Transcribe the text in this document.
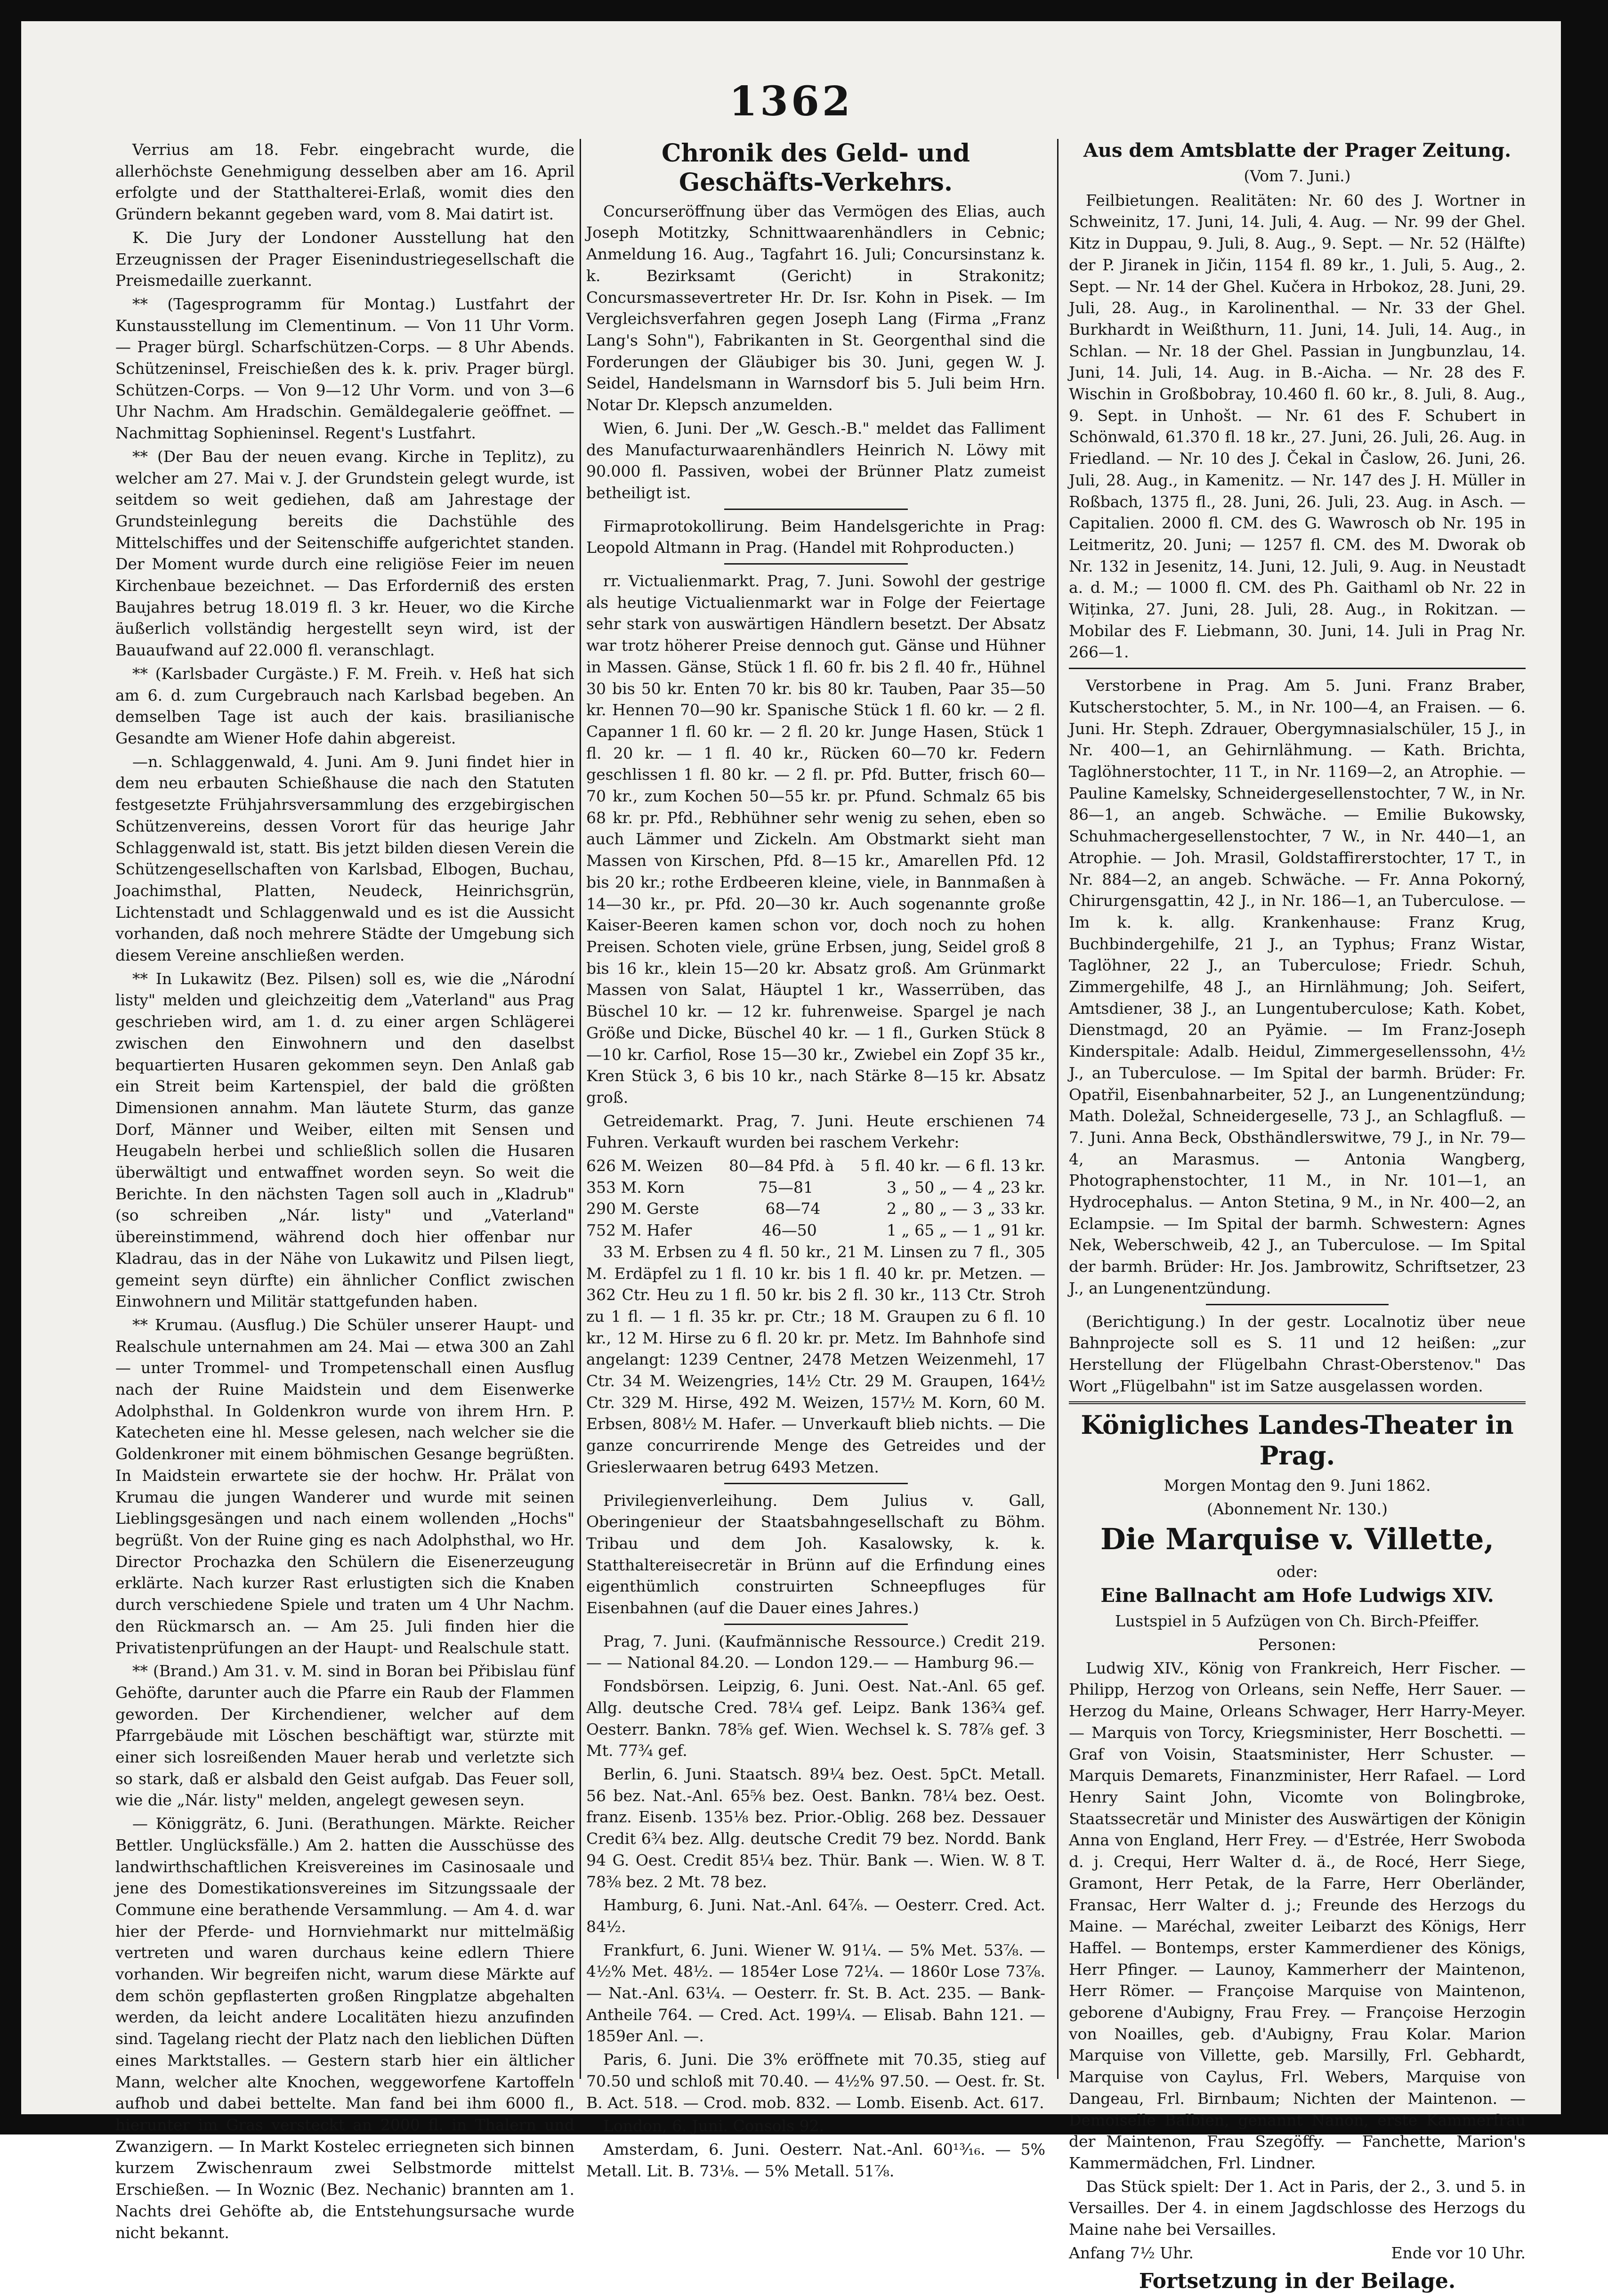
1362

Verrius am 18. Febr. eingebracht wurde, die allerhöchste Genehmigung desselben aber am 16. April erfolgte und der Statthalterei-Erlaß, womit dies den Gründern bekannt gegeben ward, vom 8. Mai datirt ist.

K. Die Jury der Londoner Ausstellung hat den Erzeugnissen der Prager Eisenindustriegesellschaft die Preismedaille zuerkannt.

** (Tagesprogramm für Montag.) Lustfahrt der Kunstausstellung im Clementinum. — Von 11 Uhr Vorm. — Prager bürgl. Scharfschützen-Corps. — 8 Uhr Abends. Schützeninsel, Freischießen des k. k. priv. Prager bürgl. Schützen-Corps. — Von 9—12 Uhr Vorm. und von 3—6 Uhr Nachm. Am Hradschin. Gemäldegalerie geöffnet. — Nachmittag Sophieninsel. Regent's Lustfahrt.

** (Der Bau der neuen evang. Kirche in Teplitz), zu welcher am 27. Mai v. J. der Grundstein gelegt wurde, ist seitdem so weit gediehen, daß am Jahrestage der Grundsteinlegung bereits die Dachstühle des Mittelschiffes und der Seitenschiffe aufgerichtet standen. Der Moment wurde durch eine religiöse Feier im neuen Kirchenbaue bezeichnet. — Das Erforderniß des ersten Baujahres betrug 18.019 fl. 3 kr. Heuer, wo die Kirche äußerlich vollständig hergestellt seyn wird, ist der Bauaufwand auf 22.000 fl. veranschlagt.

** (Karlsbader Curgäste.) F. M. Freih. v. Heß hat sich am 6. d. zum Curgebrauch nach Karlsbad begeben. An demselben Tage ist auch der kais. brasilianische Gesandte am Wiener Hofe dahin abgereist.

—n. Schlaggenwald, 4. Juni. Am 9. Juni findet hier in dem neu erbauten Schießhause die nach den Statuten festgesetzte Frühjahrsversammlung des erzgebirgischen Schützenvereins, dessen Vorort für das heurige Jahr Schlaggenwald ist, statt. Bis jetzt bilden diesen Verein die Schützengesellschaften von Karlsbad, Elbogen, Buchau, Joachimsthal, Platten, Neudeck, Heinrichsgrün, Lichtenstadt und Schlaggenwald und es ist die Aussicht vorhanden, daß noch mehrere Städte der Umgebung sich diesem Vereine anschließen werden.

** In Lukawitz (Bez. Pilsen) soll es, wie die „Národní listy" melden und gleichzeitig dem „Vaterland" aus Prag geschrieben wird, am 1. d. zu einer argen Schlägerei zwischen den Einwohnern und den daselbst bequartierten Husaren gekommen seyn. Den Anlaß gab ein Streit beim Kartenspiel, der bald die größten Dimensionen annahm. Man läutete Sturm, das ganze Dorf, Männer und Weiber, eilten mit Sensen und Heugabeln herbei und schließlich sollen die Husaren überwältigt und entwaffnet worden seyn. So weit die Berichte. In den nächsten Tagen soll auch in „Kladrub" (so schreiben „Nár. listy" und „Vaterland" übereinstimmend, während doch hier offenbar nur Kladrau, das in der Nähe von Lukawitz und Pilsen liegt, gemeint seyn dürfte) ein ähnlicher Conflict zwischen Einwohnern und Militär stattgefunden haben.

** Krumau. (Ausflug.) Die Schüler unserer Haupt- und Realschule unternahmen am 24. Mai — etwa 300 an Zahl — unter Trommel- und Trompetenschall einen Ausflug nach der Ruine Maidstein und dem Eisenwerke Adolphsthal. In Goldenkron wurde von ihrem Hrn. P. Katecheten eine hl. Messe gelesen, nach welcher sie die Goldenkroner mit einem böhmischen Gesange begrüßten. In Maidstein erwartete sie der hochw. Hr. Prälat von Krumau die jungen Wanderer und wurde mit seinen Lieblingsgesängen und nach einem wollenden „Hochs" begrüßt. Von der Ruine ging es nach Adolphsthal, wo Hr. Director Prochazka den Schülern die Eisenerzeugung erklärte. Nach kurzer Rast erlustigten sich die Knaben durch verschiedene Spiele und traten um 4 Uhr Nachm. den Rückmarsch an. — Am 25. Juli finden hier die Privatistenprüfungen an der Haupt- und Realschule statt.

** (Brand.) Am 31. v. M. sind in Boran bei Přibislau fünf Gehöfte, darunter auch die Pfarre ein Raub der Flammen geworden. Der Kirchendiener, welcher auf dem Pfarrgebäude mit Löschen beschäftigt war, stürzte mit einer sich losreißenden Mauer herab und verletzte sich so stark, daß er alsbald den Geist aufgab. Das Feuer soll, wie die „Nár. listy" melden, angelegt gewesen seyn.

— Königgrätz, 6. Juni. (Berathungen. Märkte. Reicher Bettler. Unglücksfälle.) Am 2. hatten die Ausschüsse des landwirthschaftlichen Kreisvereines im Casinosaale und jene des Domestikationsvereines im Sitzungssaale der Commune eine berathende Versammlung. — Am 4. d. war hier der Pferde- und Hornviehmarkt nur mittelmäßig vertreten und waren durchaus keine edlern Thiere vorhanden. Wir begreifen nicht, warum diese Märkte auf dem schön gepflasterten großen Ringplatze abgehalten werden, da leicht andere Localitäten hiezu anzufinden sind. Tagelang riecht der Platz nach den lieblichen Düften eines Marktstalles. — Gestern starb hier ein ältlicher Mann, welcher alte Knochen, weggeworfene Kartoffeln aufhob und dabei bettelte. Man fand bei ihm 6000 fl., hierunter im Gras versteckt an 2000 fl. in Thalern und Zwanzigern. — In Markt Kostelec erriegneten sich binnen kurzem Zwischenraum zwei Selbstmorde mittelst Erschießen. — In Woznic (Bez. Nechanic) brannten am 1. Nachts drei Gehöfte ab, die Entstehungsursache wurde nicht bekannt.

Chronik des Geld- und Geschäfts-Verkehrs.

Concurseröffnung über das Vermögen des Elias, auch Joseph Motitzky, Schnittwaarenhändlers in Cebnic; Anmeldung 16. Aug., Tagfahrt 16. Juli; Concursinstanz k. k. Bezirksamt (Gericht) in Strakonitz; Concursmassevertreter Hr. Dr. Isr. Kohn in Pisek. — Im Vergleichsverfahren gegen Joseph Lang (Firma „Franz Lang's Sohn"), Fabrikanten in St. Georgenthal sind die Forderungen der Gläubiger bis 30. Juni, gegen W. J. Seidel, Handelsmann in Warnsdorf bis 5. Juli beim Hrn. Notar Dr. Klepsch anzumelden.

Wien, 6. Juni. Der „W. Gesch.-B." meldet das Falliment des Manufacturwaarenhändlers Heinrich N. Löwy mit 90.000 fl. Passiven, wobei der Brünner Platz zumeist betheiligt ist.

Firmaprotokollirung. Beim Handelsgerichte in Prag: Leopold Altmann in Prag. (Handel mit Rohproducten.)

rr. Victualienmarkt. Prag, 7. Juni. Sowohl der gestrige als heutige Victualienmarkt war in Folge der Feiertage sehr stark von auswärtigen Händlern besetzt. Der Absatz war trotz höherer Preise dennoch gut. Gänse und Hühner in Massen. Gänse, Stück 1 fl. 60 fr. bis 2 fl. 40 fr., Hühnel 30 bis 50 kr. Enten 70 kr. bis 80 kr. Tauben, Paar 35—50 kr. Hennen 70—90 kr. Spanische Stück 1 fl. 60 kr. — 2 fl. Capanner 1 fl. 60 kr. — 2 fl. 20 kr. Junge Hasen, Stück 1 fl. 20 kr. — 1 fl. 40 kr., Rücken 60—70 kr. Federn geschlissen 1 fl. 80 kr. — 2 fl. pr. Pfd. Butter, frisch 60—70 kr., zum Kochen 50—55 kr. pr. Pfund. Schmalz 65 bis 68 kr. pr. Pfd., Rebhühner sehr wenig zu sehen, eben so auch Lämmer und Zickeln. Am Obstmarkt sieht man Massen von Kirschen, Pfd. 8—15 kr., Amarellen Pfd. 12 bis 20 kr.; rothe Erdbeeren kleine, viele, in Bannmaßen à 14—30 kr., pr. Pfd. 20—30 kr. Auch sogenannte große Kaiser-Beeren kamen schon vor, doch noch zu hohen Preisen. Schoten viele, grüne Erbsen, jung, Seidel groß 8 bis 16 kr., klein 15—20 kr. Absatz groß. Am Grünmarkt Massen von Salat, Häuptel 1 kr., Wasserrüben, das Büschel 10 kr. — 12 kr. fuhrenweise. Spargel je nach Größe und Dicke, Büschel 40 kr. — 1 fl., Gurken Stück 8—10 kr. Carfiol, Rose 15—30 kr., Zwiebel ein Zopf 35 kr., Kren Stück 3, 6 bis 10 kr., nach Stärke 8—15 kr. Absatz groß.

Getreidemarkt. Prag, 7. Juni. Heute erschienen 74 Fuhren. Verkauft wurden bei raschem Verkehr:

626 M. Weizen 80—84 Pfd. à 5 fl. 40 kr. — 6 fl. 13 kr.
353 M. Korn	75—81	3 „ 50 „ — 4 „ 23 kr.
290 M. Gerste	68—74	2 „ 80 „ — 3 „ 33 kr.
752 M. Hafer	46—50	1 „ 65 „ — 1 „ 91 kr.

33 M. Erbsen zu 4 fl. 50 kr., 21 M. Linsen zu 7 fl., 305 M. Erdäpfel zu 1 fl. 10 kr. bis 1 fl. 40 kr. pr. Metzen. — 362 Ctr. Heu zu 1 fl. 50 kr. bis 2 fl. 30 kr., 113 Ctr. Stroh zu 1 fl. — 1 fl. 35 kr. pr. Ctr.; 18 M. Graupen zu 6 fl. 10 kr., 12 M. Hirse zu 6 fl. 20 kr. pr. Metz. Im Bahnhofe sind angelangt: 1239 Centner, 2478 Metzen Weizenmehl, 17 Ctr. 34 M. Weizengries, 14½ Ctr. 29 M. Graupen, 164½ Ctr. 329 M. Hirse, 492 M. Weizen, 157½ M. Korn, 60 M. Erbsen, 808½ M. Hafer. — Unverkauft blieb nichts. — Die ganze concurrirende Menge des Getreides und der Grieslerwaaren betrug 6493 Metzen.

Privilegienverleihung. Dem Julius v. Gall, Oberingenieur der Staatsbahngesellschaft zu Böhm. Tribau und dem Joh. Kasalowsky, k. k. Statthaltereisecretär in Brünn auf die Erfindung eines eigenthümlich construirten Schneepfluges für Eisenbahnen (auf die Dauer eines Jahres.)

Prag, 7. Juni. (Kaufmännische Ressource.) Credit 219.— — National 84.20. — London 129.— — Hamburg 96.—

Fondsbörsen. Leipzig, 6. Juni. Oest. Nat.-Anl. 65 gef. Allg. deutsche Cred. 78¼ gef. Leipz. Bank 136¾ gef. Oesterr. Bankn. 78⅝ gef. Wien. Wechsel k. S. 78⅞ gef. 3 Mt. 77¾ gef.

Berlin, 6. Juni. Staatsch. 89¼ bez. Oest. 5pCt. Metall. 56 bez. Nat.-Anl. 65⅝ bez. Oest. Bankn. 78¼ bez. Oest. franz. Eisenb. 135⅛ bez. Prior.-Oblig. 268 bez. Dessauer Credit 6¾ bez. Allg. deutsche Credit 79 bez. Nordd. Bank 94 G. Oest. Credit 85¼ bez. Thür. Bank —. Wien. W. 8 T. 78⅜ bez. 2 Mt. 78 bez.

Hamburg, 6. Juni. Nat.-Anl. 64⅞. — Oesterr. Cred. Act. 84½.

Frankfurt, 6. Juni. Wiener W. 91¼. — 5% Met. 53⅞. — 4½% Met. 48½. — 1854er Lose 72¼. — 1860r Lose 73⅞. — Nat.-Anl. 63¼. — Oesterr. fr. St. B. Act. 235. — Bank-Antheile 764. — Cred. Act. 199¼. — Elisab. Bahn 121. — 1859er Anl. —.

Paris, 6. Juni. Die 3% eröffnete mit 70.35, stieg auf 70.50 und schloß mit 70.40. — 4½% 97.50. — Oest. fr. St. B. Act. 518. — Crod. mob. 832. — Lomb. Eisenb. Act. 617.

London, 6. Juni. Consols 92.

Amsterdam, 6. Juni. Oesterr. Nat.-Anl. 60¹³⁄₁₆. — 5% Metall. Lit. B. 73⅛. — 5% Metall. 51⅞.

Aus dem Amtsblatte der Prager Zeitung.
(Vom 7. Juni.)

Feilbietungen. Realitäten: Nr. 60 des J. Wortner in Schweinitz, 17. Juni, 14. Juli, 4. Aug. — Nr. 99 der Ghel. Kitz in Duppau, 9. Juli, 8. Aug., 9. Sept. — Nr. 52 (Hälfte) der P. Jiranek in Jičin, 1154 fl. 89 kr., 1. Juli, 5. Aug., 2. Sept. — Nr. 14 der Ghel. Kučera in Hrbokoz, 28. Juni, 29. Juli, 28. Aug., in Karolinenthal. — Nr. 33 der Ghel. Burkhardt in Weißthurn, 11. Juni, 14. Juli, 14. Aug., in Schlan. — Nr. 18 der Ghel. Passian in Jungbunzlau, 14. Juni, 14. Juli, 14. Aug. in B.-Aicha. — Nr. 28 des F. Wischin in Großbobray, 10.460 fl. 60 kr., 8. Juli, 8. Aug., 9. Sept. in Unhošt. — Nr. 61 des F. Schubert in Schönwald, 61.370 fl. 18 kr., 27. Juni, 26. Juli, 26. Aug. in Friedland. — Nr. 10 des J. Čekal in Časlow, 26. Juni, 26. Juli, 28. Aug., in Kamenitz. — Nr. 147 des J. H. Müller in Roßbach, 1375 fl., 28. Juni, 26. Juli, 23. Aug. in Asch. — Capitalien. 2000 fl. CM. des G. Wawrosch ob Nr. 195 in Leitmeritz, 20. Juni; — 1257 fl. CM. des M. Dworak ob Nr. 132 in Jesenitz, 14. Juni, 12. Juli, 9. Aug. in Neustadt a. d. M.; — 1000 fl. CM. des Ph. Gaithaml ob Nr. 22 in Wiținka, 27. Juni, 28. Juli, 28. Aug., in Rokitzan. — Mobilar des F. Liebmann, 30. Juni, 14. Juli in Prag Nr. 266—1.

Verstorbene in Prag. Am 5. Juni. Franz Braber, Kutscherstochter, 5. M., in Nr. 100—4, an Fraisen. — 6. Juni. Hr. Steph. Zdrauer, Obergymnasialschüler, 15 J., in Nr. 400—1, an Gehirnlähmung. — Kath. Brichta, Taglöhnerstochter, 11 T., in Nr. 1169—2, an Atrophie. — Pauline Kamelsky, Schneidergesellenstochter, 7 W., in Nr. 86—1, an angeb. Schwäche. — Emilie Bukowsky, Schuhmachergesellenstochter, 7 W., in Nr. 440—1, an Atrophie. — Joh. Mrasil, Goldstaffirerstochter, 17 T., in Nr. 884—2, an angeb. Schwäche. — Fr. Anna Pokorný, Chirurgensgattin, 42 J., in Nr. 186—1, an Tuberculose. — Im k. k. allg. Krankenhause: Franz Krug, Buchbindergehilfe, 21 J., an Typhus; Franz Wistar, Taglöhner, 22 J., an Tuberculose; Friedr. Schuh, Zimmergehilfe, 48 J., an Hirnlähmung; Joh. Seifert, Amtsdiener, 38 J., an Lungentuberculose; Kath. Kobet, Dienstmagd, 20 an Pyämie. — Im Franz-Joseph Kinderspitale: Adalb. Heidul, Zimmergesellenssohn, 4½ J., an Tuberculose. — Im Spital der barmh. Brüder: Fr. Opatřil, Eisenbahnarbeiter, 52 J., an Lungenentzündung; Math. Doležal, Schneidergeselle, 73 J., an Schlagfluß. — 7. Juni. Anna Beck, Obsthändlerswitwe, 79 J., in Nr. 79—4, an Marasmus. — Antonia Wangberg, Photographenstochter, 11 M., in Nr. 101—1, an Hydrocephalus. — Anton Stetina, 9 M., in Nr. 400—2, an Eclampsie. — Im Spital der barmh. Schwestern: Agnes Nek, Weberschweib, 42 J., an Tuberculose. — Im Spital der barmh. Brüder: Hr. Jos. Jambrowitz, Schriftsetzer, 23 J., an Lungenentzündung.

(Berichtigung.) In der gestr. Localnotiz über neue Bahnprojecte soll es S. 11 und 12 heißen: „zur Herstellung der Flügelbahn Chrast-Oberstenov." Das Wort „Flügelbahn" ist im Satze ausgelassen worden.

Königliches Landes-Theater in Prag.
Morgen Montag den 9. Juni 1862.
(Abonnement Nr. 130.)
Die Marquise v. Villette,
oder:
Eine Ballnacht am Hofe Ludwigs XIV.
Lustspiel in 5 Aufzügen von Ch. Birch-Pfeiffer.
Personen:

Ludwig XIV., König von Frankreich, Herr Fischer. — Philipp, Herzog von Orleans, sein Neffe, Herr Sauer. — Herzog du Maine, Orleans Schwager, Herr Harry-Meyer. — Marquis von Torcy, Kriegsminister, Herr Boschetti. — Graf von Voisin, Staatsminister, Herr Schuster. — Marquis Demarets, Finanzminister, Herr Rafael. — Lord Henry Saint John, Vicomte von Bolingbroke, Staatssecretär und Minister des Auswärtigen der Königin Anna von England, Herr Frey. — d'Estrée, Herr Swoboda d. j. Crequi, Herr Walter d. ä., de Rocé, Herr Siege, Gramont, Herr Petak, de la Farre, Herr Oberländer, Fransac, Herr Walter d. j.; Freunde des Herzogs du Maine. — Maréchal, zweiter Leibarzt des Königs, Herr Haffel. — Bontemps, erster Kammerdiener des Königs, Herr Pfinger. — Launoy, Kammerherr der Maintenon, Herr Römer. — Françoise Marquise von Maintenon, geborene d'Aubigny, Frau Frey. — Françoise Herzogin von Noailles, geb. d'Aubigny, Frau Kolar. Marion Marquise von Villette, geb. Marsilly, Frl. Gebhardt, Marquise von Caylus, Frl. Webers, Marquise von Dangeau, Frl. Birnbaum; Nichten der Maintenon. — Demoiselle Balbien, genannt Nanon, erste Kammerfrau der Maintenon, Frau Szegöffy. — Fanchette, Marion's Kammermädchen, Frl. Lindner.

Das Stück spielt: Der 1. Act in Paris, der 2., 3. und 5. in Versailles. Der 4. in einem Jagdschlosse des Herzogs du Maine nahe bei Versailles.

Anfang 7½ Uhr.	Ende vor 10 Uhr.
Fortsetzung in der Beilage.
